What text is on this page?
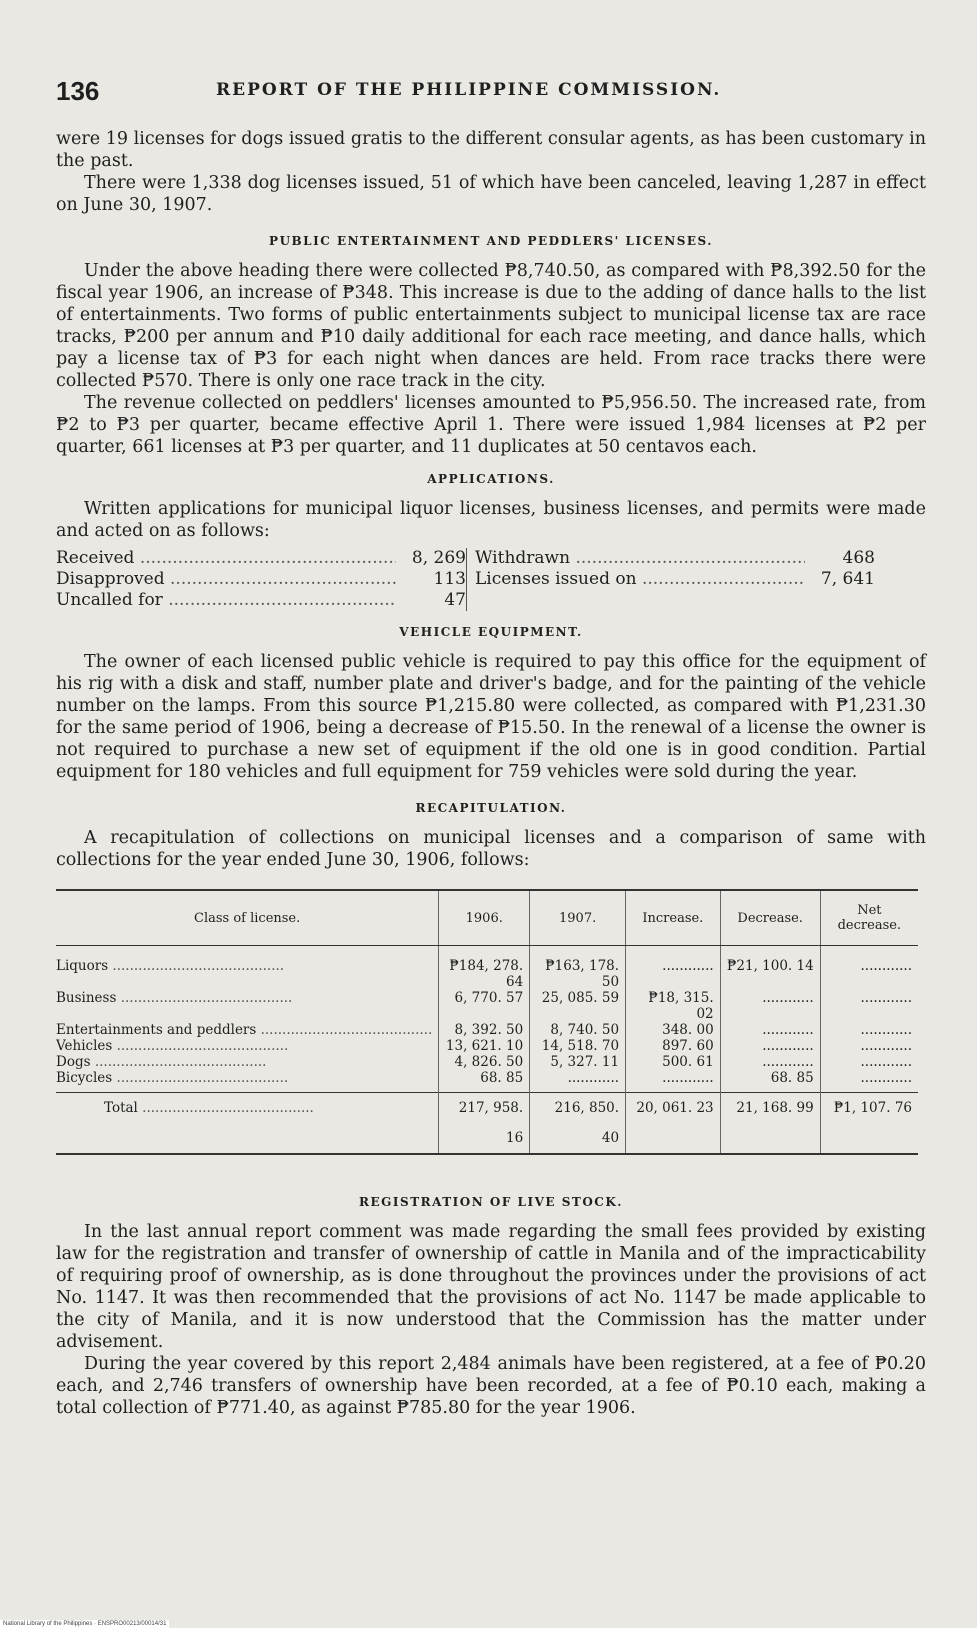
136	REPORT OF THE PHILIPPINE COMMISSION.

were 19 licenses for dogs issued gratis to the different consular agents, as has been customary in the past.

There were 1,338 dog licenses issued, 51 of which have been canceled, leaving 1,287 in effect on June 30, 1907.

PUBLIC ENTERTAINMENT AND PEDDLERS' LICENSES.

Under the above heading there were collected ₱8,740.50, as compared with ₱8,392.50 for the fiscal year 1906, an increase of ₱348. This increase is due to the adding of dance halls to the list of entertainments. Two forms of public entertainments subject to municipal license tax are race tracks, ₱200 per annum and ₱10 daily additional for each race meeting, and dance halls, which pay a license tax of ₱3 for each night when dances are held. From race tracks there were collected ₱570. There is only one race track in the city.

The revenue collected on peddlers' licenses amounted to ₱5,956.50. The increased rate, from ₱2 to ₱3 per quarter, became effective April 1. There were issued 1,984 licenses at ₱2 per quarter, 661 licenses at ₱3 per quarter, and 11 duplicates at 50 centavos each.

APPLICATIONS.

Written applications for municipal liquor licenses, business licenses, and permits were made and acted on as follows:

Received .....	8, 269
Disapproved .....	113
Uncalled for .....	47
Withdrawn .....	468
Licenses issued on .....	7, 641
VEHICLE EQUIPMENT.

The owner of each licensed public vehicle is required to pay this office for the equipment of his rig with a disk and staff, number plate and driver's badge, and for the painting of the vehicle number on the lamps. From this source ₱1,215.80 were collected, as compared with ₱1,231.30 for the same period of 1906, being a decrease of ₱15.50. In the renewal of a license the owner is not required to purchase a new set of equipment if the old one is in good condition. Partial equipment for 180 vehicles and full equipment for 759 vehicles were sold during the year.

RECAPITULATION.

A recapitulation of collections on municipal licenses and a comparison of same with collections for the year ended June 30, 1906, follows:

Class of license.	1906.	1907.	Increase.	Decrease.	Net decrease.
Liquors .....	₱184, 278. 64	₱163, 178. 50	............	₱21, 100. 14	............
Business .....	6, 770. 57	25, 085. 59	₱18, 315. 02	............	............
Entertainments and peddlers .....	8, 392. 50	8, 740. 50	348. 00	............	............
Vehicles .....	13, 621. 10	14, 518. 70	897. 60	............	............
Dogs .....	4, 826. 50	5, 327. 11	500. 61	............	............
Bicycles .....	68. 85	............	............	68. 85	............
Total .....	217, 958. 16	216, 850. 40	20, 061. 23	21, 168. 99	₱1, 107. 76
REGISTRATION OF LIVE STOCK.

In the last annual report comment was made regarding the small fees provided by existing law for the registration and transfer of ownership of cattle in Manila and of the impracticability of requiring proof of ownership, as is done throughout the provinces under the provisions of act No. 1147. It was then recommended that the provisions of act No. 1147 be made applicable to the city of Manila, and it is now understood that the Commission has the matter under advisement.

During the year covered by this report 2,484 animals have been registered, at a fee of ₱0.20 each, and 2,746 transfers of ownership have been recorded, at a fee of ₱0.10 each, making a total collection of ₱771.40, as against ₱785.80 for the year 1906.

National Library of the Philippines · ENSPRO00213/00014/31
